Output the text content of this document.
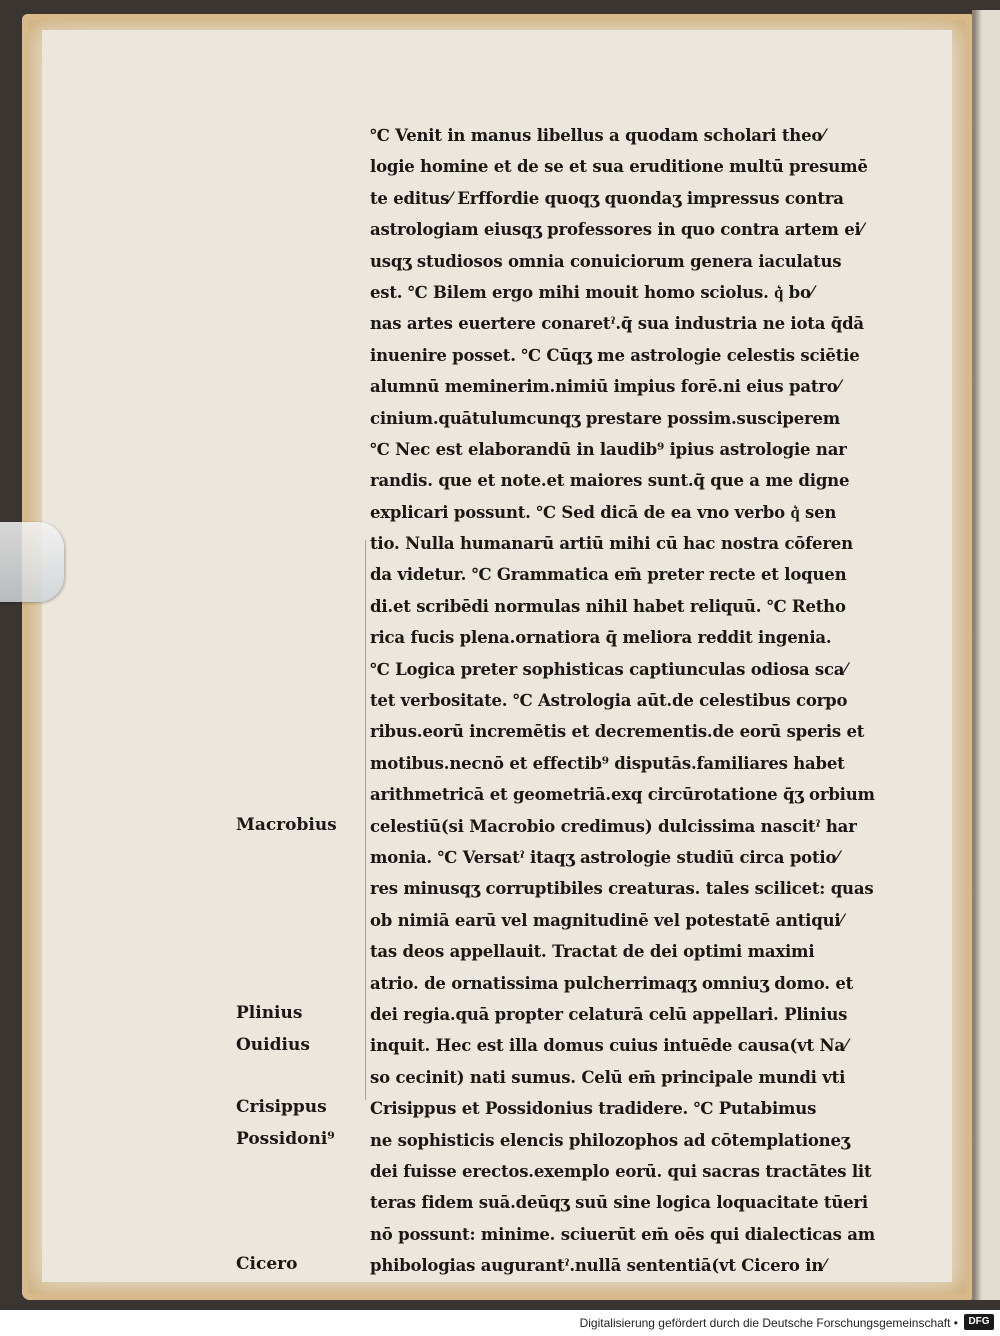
℃ Venit in manus libellus a quodam scholari theo⁄
logie homine et de se et sua eruditione multū presumē
te editus⁄ Erffordie quoqʒ quondaʒ impressus contra
astrologiam eiusqʒ professores in quo contra artem ei⁄
usqʒ studiosos omnia conuiciorum genera iaculatus
est. ℃ Bilem ergo mihi mouit homo sciolus. q͛ bo⁄
nas artes euertere conaretˀ.q̄ sua industria ne iota q̄dā
inuenire posset. ℃ Cūqʒ me astrologie celestis sciētie
alumnū meminerim.nimiū impius forē.ni eius patro⁄
cinium.quātulumcunqʒ prestare possim.susciperem
℃ Nec est elaborandū in laudib⁹ ipius astrologie nar
randis. que et note.et maiores sunt.q̄ que a me digne
explicari possunt. ℃ Sed dicā de ea vno verbo q͛ sen
tio. Nulla humanarū artiū mihi cū hac nostra cōferen
da videtur. ℃ Grammatica em̄ preter recte et loquen
di.et scribēdi normulas nihil habet reliquū. ℃ Retho
rica fucis plena.ornatiora q̄ meliora reddit ingenia.
℃ Logica preter sophisticas captiunculas odiosa sca⁄
tet verbositate. ℃ Astrologia aūt.de celestibus corpo
ribus.eorū incremētis et decrementis.de eorū speris et
motibus.necnō et effectib⁹ disputās.familiares habet
arithmetricā et geometriā.exq circūrotatione q̄ʒ orbium
celestiū(si Macrobio credimus) dulcissima nascitˀ har
monia. ℃ Versatˀ itaqʒ astrologie studiū circa potio⁄
res minusqʒ corruptibiles creaturas. tales scilicet: quas
ob nimiā earū vel magnitudinē vel potestatē antiqui⁄
tas deos appellauit. Tractat de dei optimi maximi
atrio. de ornatissima pulcherrimaqʒ omniuʒ domo. et
dei regia.quā propter celaturā celū appellari. Plinius
inquit. Hec est illa domus cuius intuēde causa(vt Na⁄
so cecinit) nati sumus. Celū em̄ principale mundi vti
Crisippus et Possidonius tradidere. ℃ Putabimus
ne sophisticis elencis philozophos ad cōtemplationeʒ
dei fuisse erectos.exemplo eorū. qui sacras tractātes lit
teras fidem suā.deūqʒ suū sine logica loquacitate tūeri
nō possunt: minime. sciuerūt em̄ oēs qui dialecticas am
phibologias augurantˀ.nullā sententiā(vt Cicero in⁄
Macrobius
Plinius
Ouidius
Crisippus
Possidoni⁹
Cicero
Digitalisierung gefördert durch die Deutsche Forschungsgemeinschaft •	DFG
